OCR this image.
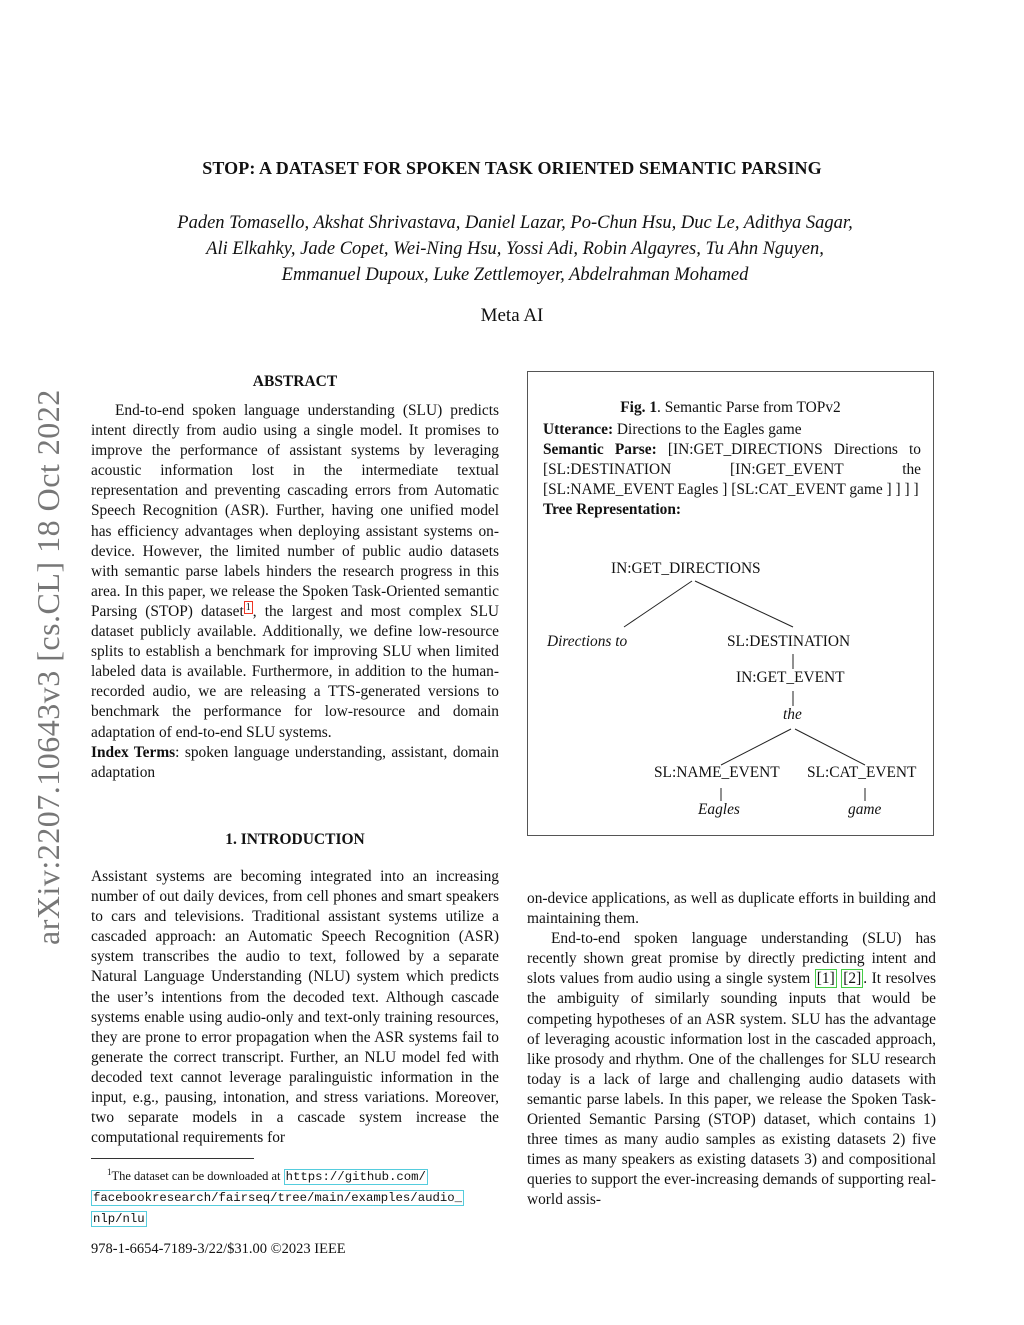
STOP: A DATASET FOR SPOKEN TASK ORIENTED SEMANTIC PARSING
Paden Tomasello, Akshat Shrivastava, Daniel Lazar, Po-Chun Hsu, Duc Le, Adithya Sagar,
Ali Elkahky, Jade Copet, Wei-Ning Hsu, Yossi Adi, Robin Algayres, Tu Ahn Nguyen,
Emmanuel Dupoux, Luke Zettlemoyer, Abdelrahman Mohamed
Meta AI
arXiv:2207.10643v3 [cs.CL] 18 Oct 2022
ABSTRACT

End-to-end spoken language understanding (SLU) predicts intent directly from audio using a single model. It promises to improve the performance of assistant systems by leveraging acoustic information lost in the intermediate textual representation and preventing cascading errors from Automatic Speech Recognition (ASR). Further, having one unified model has efficiency advantages when deploying assistant systems on-device. However, the limited number of public audio datasets with semantic parse labels hinders the research progress in this area. In this paper, we release the Spoken Task-Oriented semantic Parsing (STOP) dataset $^1$ , the largest and most complex SLU dataset publicly available. Additionally, we define low-resource splits to establish a benchmark for improving SLU when limited labeled data is available. Furthermore, in addition to the human-recorded audio, we are releasing a TTS-generated versions to benchmark the performance for low-resource and domain adaptation of end-to-end SLU systems.

Index Terms: spoken language understanding, assistant, domain adaptation

1. INTRODUCTION

Assistant systems are becoming integrated into an increasing number of out daily devices, from cell phones and smart speakers to cars and televisions. Traditional assistant systems utilize a cascaded approach: an Automatic Speech Recognition (ASR) system transcribes the audio to text, followed by a separate Natural Language Understanding (NLU) system which predicts the user’s intentions from the decoded text. Although cascade systems enable using audio-only and text-only training resources, they are prone to error propagation when the ASR systems fail to generate the correct transcript. Further, an NLU model fed with decoded text cannot leverage paralinguistic information in the input, e.g., pausing, intonation, and stress variations. Moreover, two separate models in a cascade system increase the computational requirements for

$^1$The dataset can be downloaded at https://github.com/
facebookresearch/fairseq/tree/main/examples/audio_
nlp/nlu

on-device applications, as well as duplicate efforts in building and maintaining them.

End-to-end spoken language understanding (SLU) has recently shown great promise by directly predicting intent and slots values from audio using a single system [1] [2] . It resolves the ambiguity of similarly sounding inputs that would be competing hypotheses of an ASR system. SLU has the advantage of leveraging acoustic information lost in the cascaded approach, like prosody and rhythm. One of the challenges for SLU research today is a lack of large and challenging audio datasets with semantic parse labels. In this paper, we release the Spoken Task-Oriented Semantic Parsing (STOP) dataset, which contains 1) three times as many audio samples as existing datasets 2) five times as many speakers as existing datasets 3) and compositional queries to support the ever-increasing demands of supporting real-world assis-

Fig. 1. Semantic Parse from TOPv2
Utterance: Directions to the Eagles game
Semantic Parse: [IN:GET_DIRECTIONS Directions to [SL:DESTINATION [IN:GET_EVENT the [SL:NAME_EVENT Eagles ] [SL:CAT_EVENT game ] ] ] ]
Tree Representation:
IN:GET_DIRECTIONS
Directions to	SL:DESTINATION
IN:GET_EVENT
the
SL:NAME_EVENT SL:CAT_EVENT
Eagles	game
978-1-6654-7189-3/22/$31.00 ©2023 IEEE
